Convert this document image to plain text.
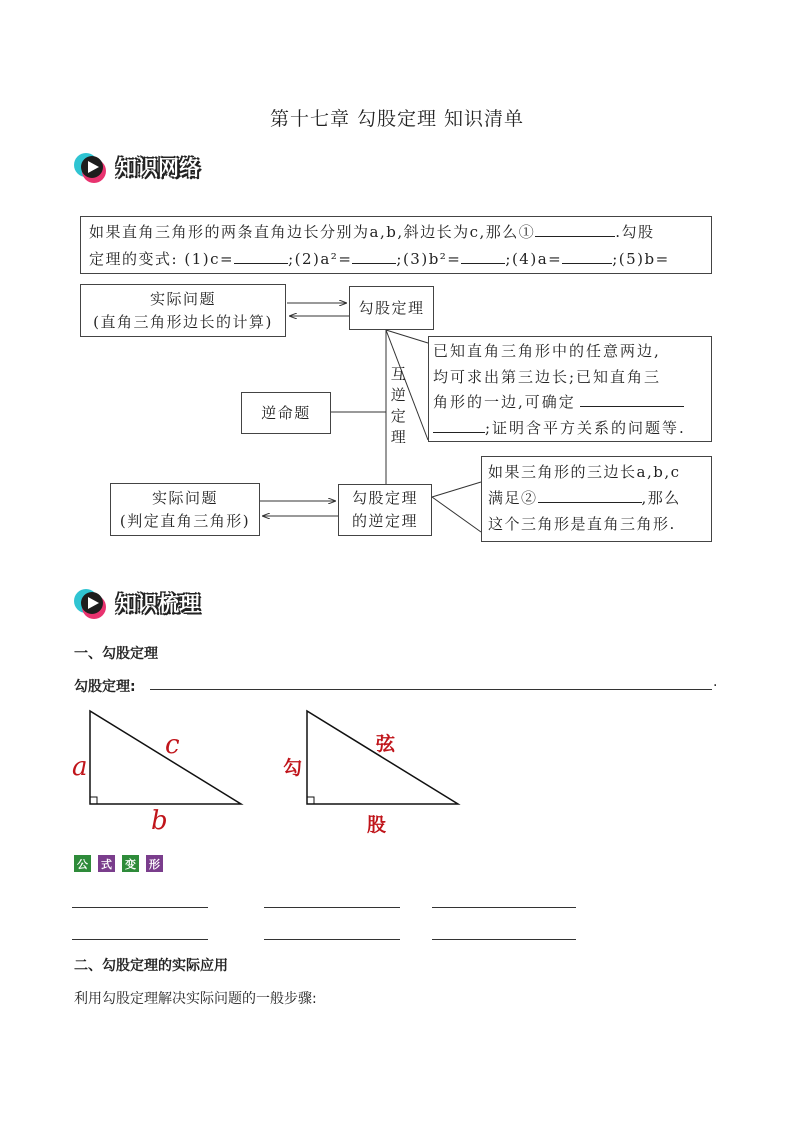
第十七章 勾股定理 知识清单
知识网络
如果直角三角形的两条直角边长分别为a,b,斜边长为c,那么①	.勾股
定理的变式: (1)c=	;(2)a²=	;(3)b²=	;(4)a=	;(5)b=
实际问题
(直角三角形边长的计算)
勾股定理
已知直角三角形中的任意两边,
均可求出第三边长;已知直角三
角形的一边,可确定
;证明含平方关系的问题等.
互
逆
定
理
逆命题
实际问题
(判定直角三角形)
勾股定理
的逆定理
如果三角形的三边长a,b,c
满足②	,那么
这个三角形是直角三角形.
知识梳理
一、勾股定理
勾股定理:	.
a
c
b
勾
弦
股
公 式 变 形
二、勾股定理的实际应用
利用勾股定理解决实际问题的一般步骤:
